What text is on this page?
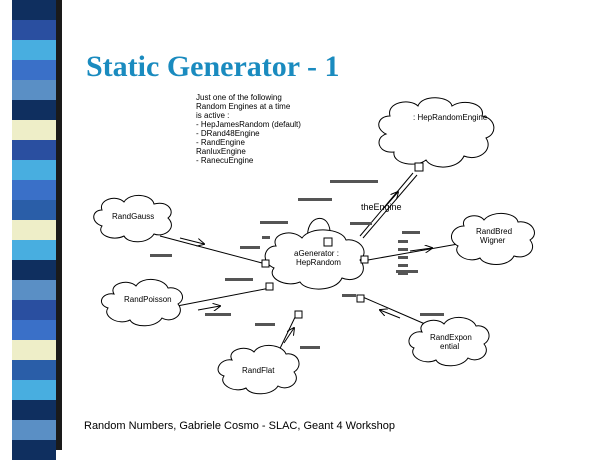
Static Generator - 1
Just one of the following
Random Engines at a time
is active :
- HepJamesRandom (default)
- DRand48Engine
- RandEngine
RanluxEngine
- RanecuEngine
: HepRandomEngine
RandGauss
RandBred
Wigner
RandPoisson
RandExpon
ential
RandFlat
aGenerator :
HepRandom
theEngine
Random Numbers, Gabriele Cosmo - SLAC, Geant 4 Workshop
